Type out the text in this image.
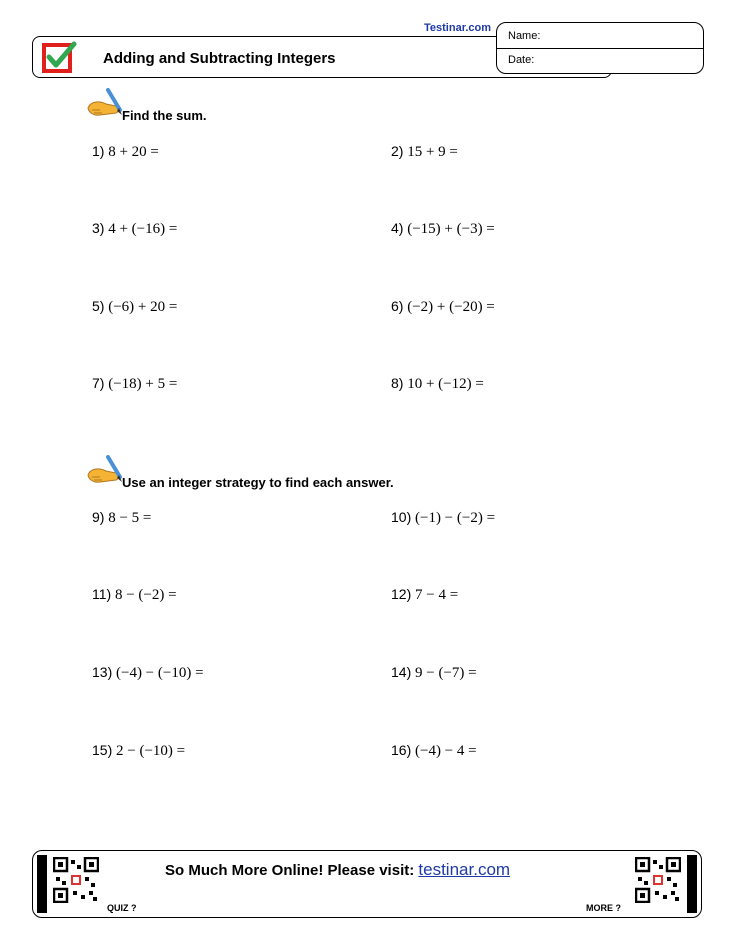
Testinar.com
Adding and Subtracting Integers
Name:
Date:
Find the sum.
1) 8 + 20 =	2) 15 + 9 =
3) 4 + (−16) =	4) (−15) + (−3) =
5) (−6) + 20 =	6) (−2) + (−20) =
7) (−18) + 5 =	8) 10 + (−12) =
Use an integer strategy to find each answer.
9) 8 − 5 =	10) (−1) − (−2) =
11) 8 − (−2) =	12) 7 − 4 =
13) (−4) − (−10) =	14) 9 − (−7) =
15) 2 − (−10) =	16) (−4) − 4 =
So Much More Online! Please visit: testinar.com
QUIZ ?	MORE ?
